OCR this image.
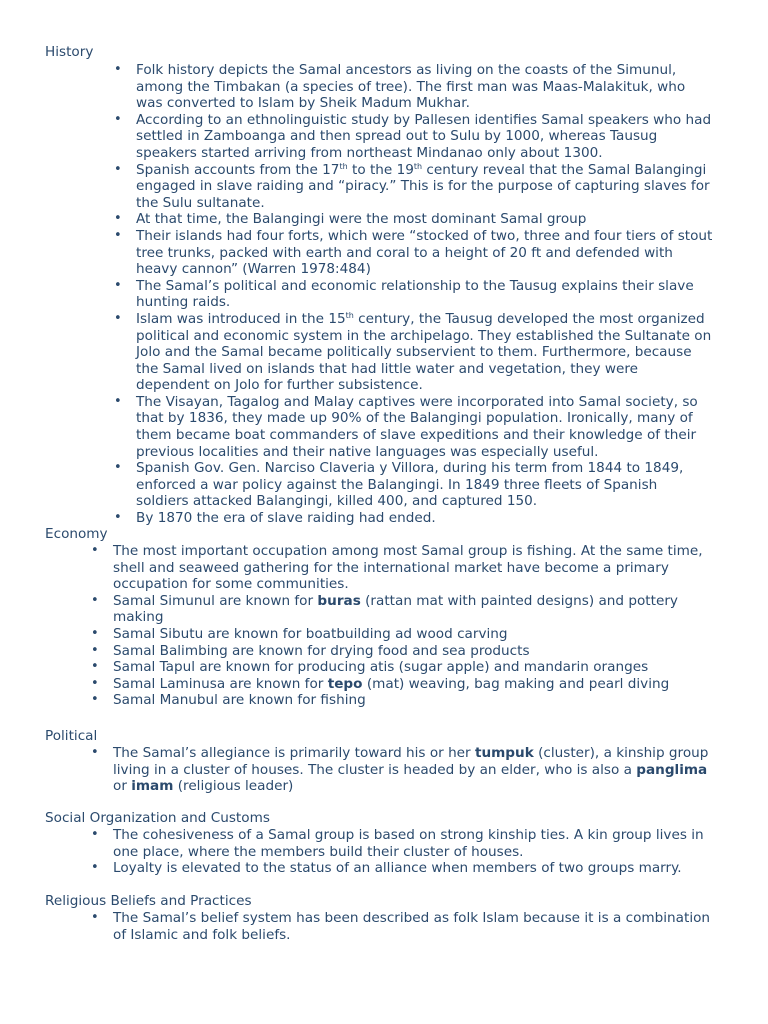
History
•
Folk history depicts the Samal ancestors as living on the coasts of the Simunul,
among the Timbakan (a species of tree). The first man was Maas-Malakituk, who
was converted to Islam by Sheik Madum Mukhar.
•
According to an ethnolinguistic study by Pallesen identifies Samal speakers who had
settled in Zamboanga and then spread out to Sulu by 1000, whereas Tausug
speakers started arriving from northeast Mindanao only about 1300.
•
Spanish accounts from the 17th to the 19th century reveal that the Samal Balangingi
engaged in slave raiding and “piracy.” This is for the purpose of capturing slaves for
the Sulu sultanate.
•
At that time, the Balangingi were the most dominant Samal group
•
Their islands had four forts, which were “stocked of two, three and four tiers of stout
tree trunks, packed with earth and coral to a height of 20 ft and defended with
heavy cannon” (Warren 1978:484)
•
The Samal’s political and economic relationship to the Tausug explains their slave
hunting raids.
•
Islam was introduced in the 15th century, the Tausug developed the most organized
political and economic system in the archipelago. They established the Sultanate on
Jolo and the Samal became politically subservient to them. Furthermore, because
the Samal lived on islands that had little water and vegetation, they were
dependent on Jolo for further subsistence.
•
The Visayan, Tagalog and Malay captives were incorporated into Samal society, so
that by 1836, they made up 90% of the Balangingi population. Ironically, many of
them became boat commanders of slave expeditions and their knowledge of their
previous localities and their native languages was especially useful.
•
Spanish Gov. Gen. Narciso Claveria y Villora, during his term from 1844 to 1849,
enforced a war policy against the Balangingi. In 1849 three fleets of Spanish
soldiers attacked Balangingi, killed 400, and captured 150.
•
By 1870 the era of slave raiding had ended.
Economy
•
The most important occupation among most Samal group is fishing. At the same time,
shell and seaweed gathering for the international market have become a primary
occupation for some communities.
•
Samal Simunul are known for buras (rattan mat with painted designs) and pottery
making
•
Samal Sibutu are known for boatbuilding ad wood carving
•
Samal Balimbing are known for drying food and sea products
•
Samal Tapul are known for producing atis (sugar apple) and mandarin oranges
•
Samal Laminusa are known for tepo (mat) weaving, bag making and pearl diving
•
Samal Manubul are known for fishing
Political
•
The Samal’s allegiance is primarily toward his or her tumpuk (cluster), a kinship group
living in a cluster of houses. The cluster is headed by an elder, who is also a panglima
or imam (religious leader)
Social Organization and Customs
•
The cohesiveness of a Samal group is based on strong kinship ties. A kin group lives in
one place, where the members build their cluster of houses.
•
Loyalty is elevated to the status of an alliance when members of two groups marry.
Religious Beliefs and Practices
•
The Samal’s belief system has been described as folk Islam because it is a combination
of Islamic and folk beliefs.
